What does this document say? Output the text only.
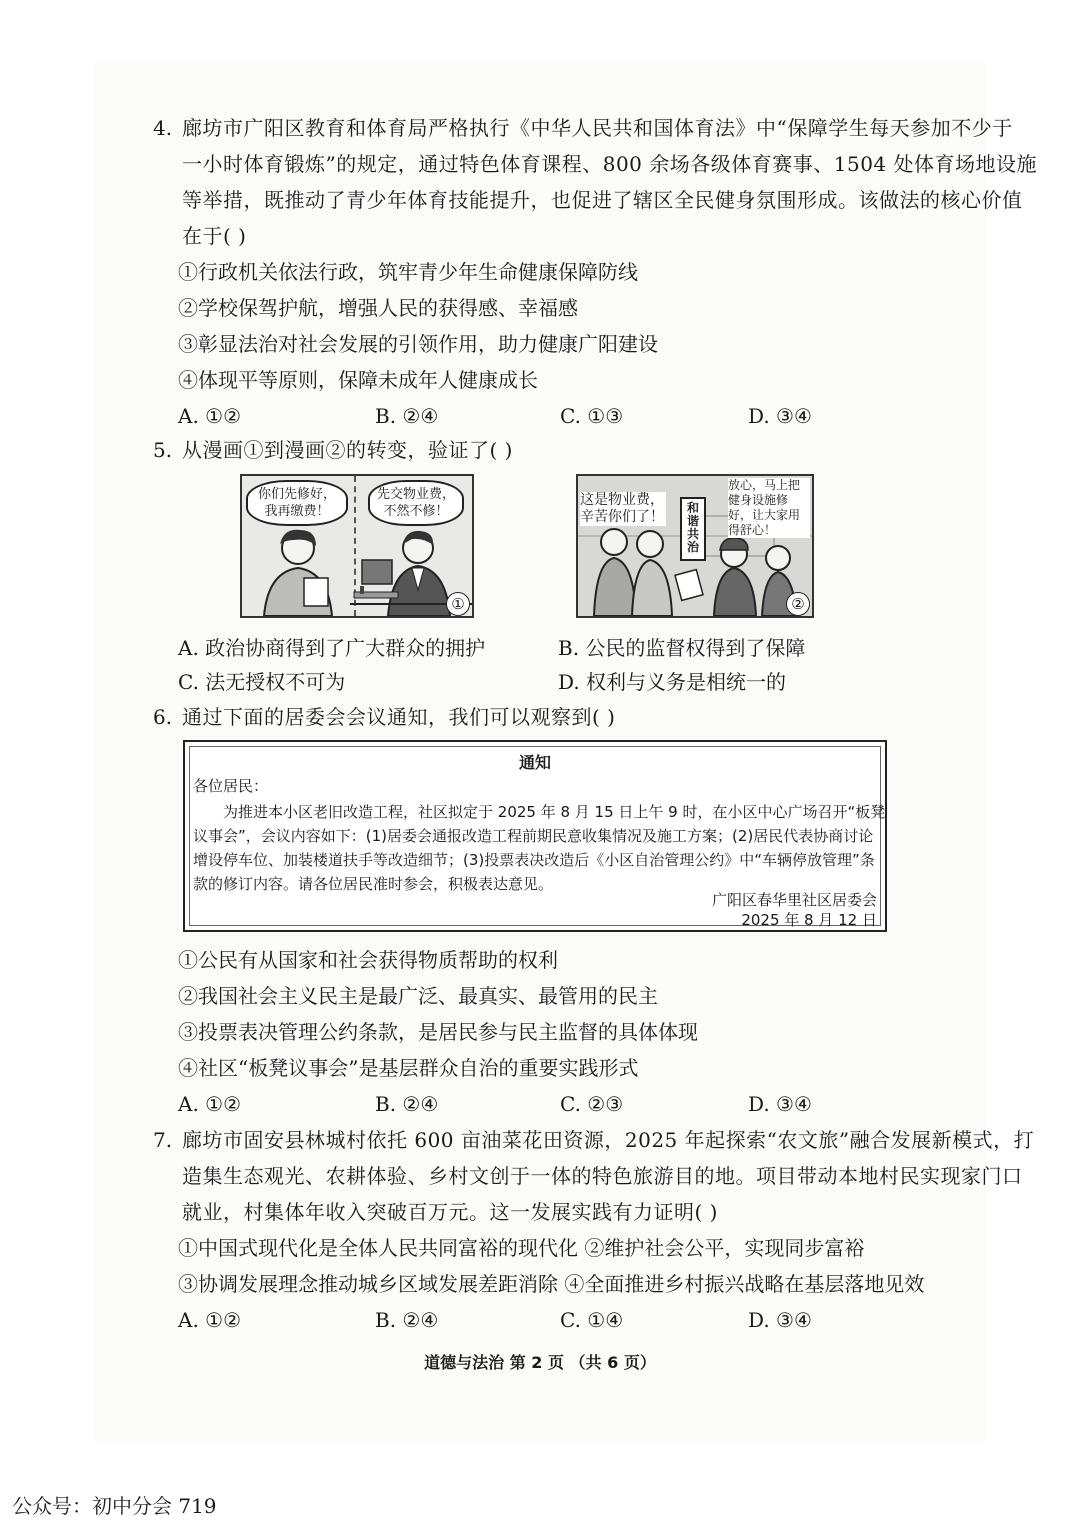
4. 廊坊市广阳区教育和体育局严格执行《中华人民共和国体育法》中“保障学生每天参加不少于
一小时体育锻炼”的规定，通过特色体育课程、800 余场各级体育赛事、1504 处体育场地设施
等举措，既推动了青少年体育技能提升，也促进了辖区全民健身氛围形成。该做法的核心价值
在于( )
①行政机关依法行政，筑牢青少年生命健康保障防线
②学校保驾护航，增强人民的获得感、幸福感
③彰显法治对社会发展的引领作用，助力健康广阳建设
④体现平等原则，保障未成年人健康成长
A. ①②	B. ②④	C. ①③	D. ③④
5. 从漫画①到漫画②的转变，验证了( )
你们先修好，我再缴费！
先交物业费，不然不修！
①
这是物业费，辛苦你们了！
和谐共治
放心，马上把健身设施修好，让大家用得舒心！
②
A. 政治协商得到了广大群众的拥护	B. 公民的监督权得到了保障
C. 法无授权不可为	D. 权利与义务是相统一的
6. 通过下面的居委会会议通知，我们可以观察到( )
通知
各位居民：
为推进本小区老旧改造工程，社区拟定于 2025 年 8 月 15 日上午 9 时，在小区中心广场召开“板凳
议事会”，会议内容如下：(1)居委会通报改造工程前期民意收集情况及施工方案；(2)居民代表协商讨论
增设停车位、加装楼道扶手等改造细节；(3)投票表决改造后《小区自治管理公约》中“车辆停放管理”条
款的修订内容。请各位居民准时参会，积极表达意见。
广阳区春华里社区居委会
2025 年 8 月 12 日
①公民有从国家和社会获得物质帮助的权利
②我国社会主义民主是最广泛、最真实、最管用的民主
③投票表决管理公约条款，是居民参与民主监督的具体体现
④社区“板凳议事会”是基层群众自治的重要实践形式
A. ①②	B. ②④	C. ②③	D. ③④
7. 廊坊市固安县林城村依托 600 亩油菜花田资源，2025 年起探索“农文旅”融合发展新模式，打
造集生态观光、农耕体验、乡村文创于一体的特色旅游目的地。项目带动本地村民实现家门口
就业，村集体年收入突破百万元。这一发展实践有力证明( )
①中国式现代化是全体人民共同富裕的现代化 ②维护社会公平，实现同步富裕
③协调发展理念推动城乡区域发展差距消除 ④全面推进乡村振兴战略在基层落地见效
A. ①②	B. ②④	C. ①④	D. ③④
道德与法治 第 2 页 （共 6 页）
公众号：初中分会 719
